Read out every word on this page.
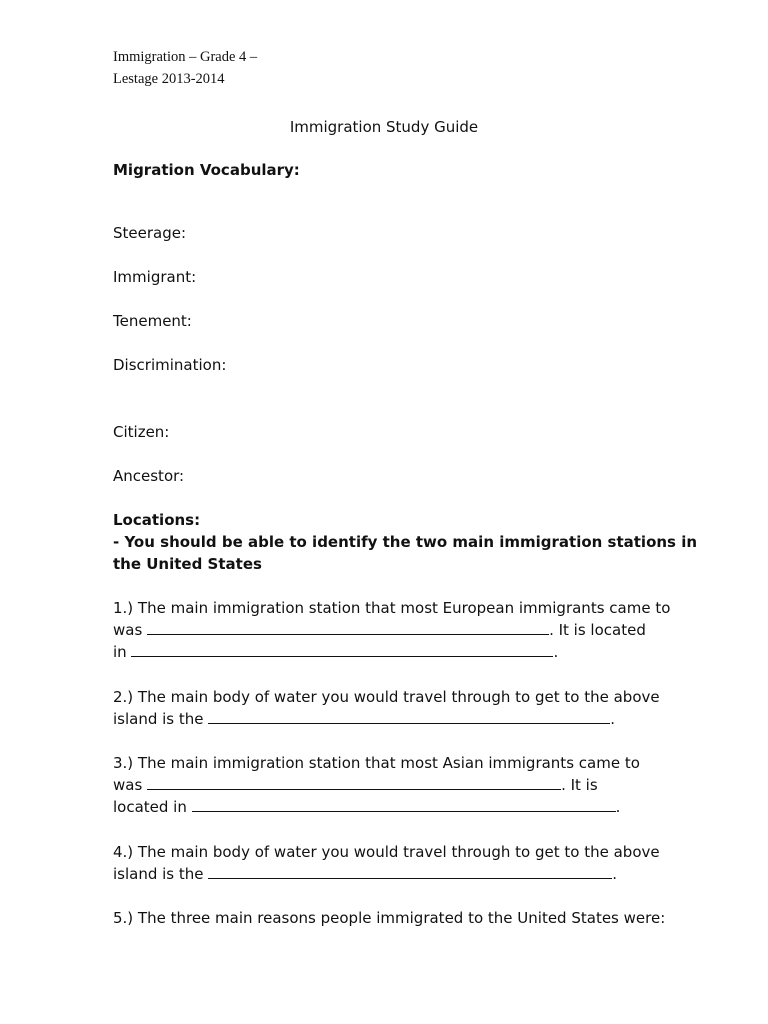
Immigration – Grade 4 –
Lestage 2013-2014
Immigration Study Guide
Migration Vocabulary:
Steerage:
Immigrant:
Tenement:
Discrimination:
Citizen:
Ancestor:
Locations:
- You should be able to identify the two main immigration stations in
the United States
1.) The main immigration station that most European immigrants came to
was	. It is located
in	.
2.) The main body of water you would travel through to get to the above
island is the	.
3.) The main immigration station that most Asian immigrants came to
was	. It is
located in	.
4.) The main body of water you would travel through to get to the above
island is the	.
5.) The three main reasons people immigrated to the United States were:
